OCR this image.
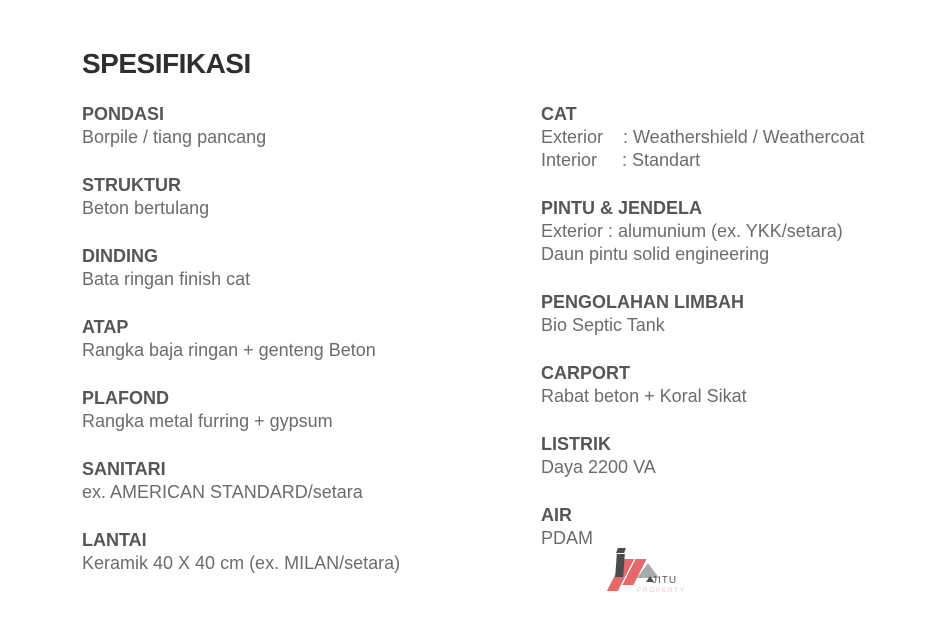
SPESIFIKASI
PONDASI
Borpile / tiang pancang
STRUKTUR
Beton bertulang
DINDING
Bata ringan finish cat
ATAP
Rangka baja ringan + genteng Beton
PLAFOND
Rangka metal furring + gypsum
SANITARI
ex. AMERICAN STANDARD/setara
LANTAI
Keramik 40 X 40 cm (ex. MILAN/setara)
CAT
Exterior    : Weathershield / Weathercoat
Interior     : Standart
PINTU & JENDELA
Exterior : alumunium (ex. YKK/setara)
Daun pintu solid engineering
PENGOLAHAN LIMBAH
Bio Septic Tank
CARPORT
Rabat beton + Koral Sikat
LISTRIK
Daya 2200 VA
AIR
PDAM
JITU
PROPERTY
